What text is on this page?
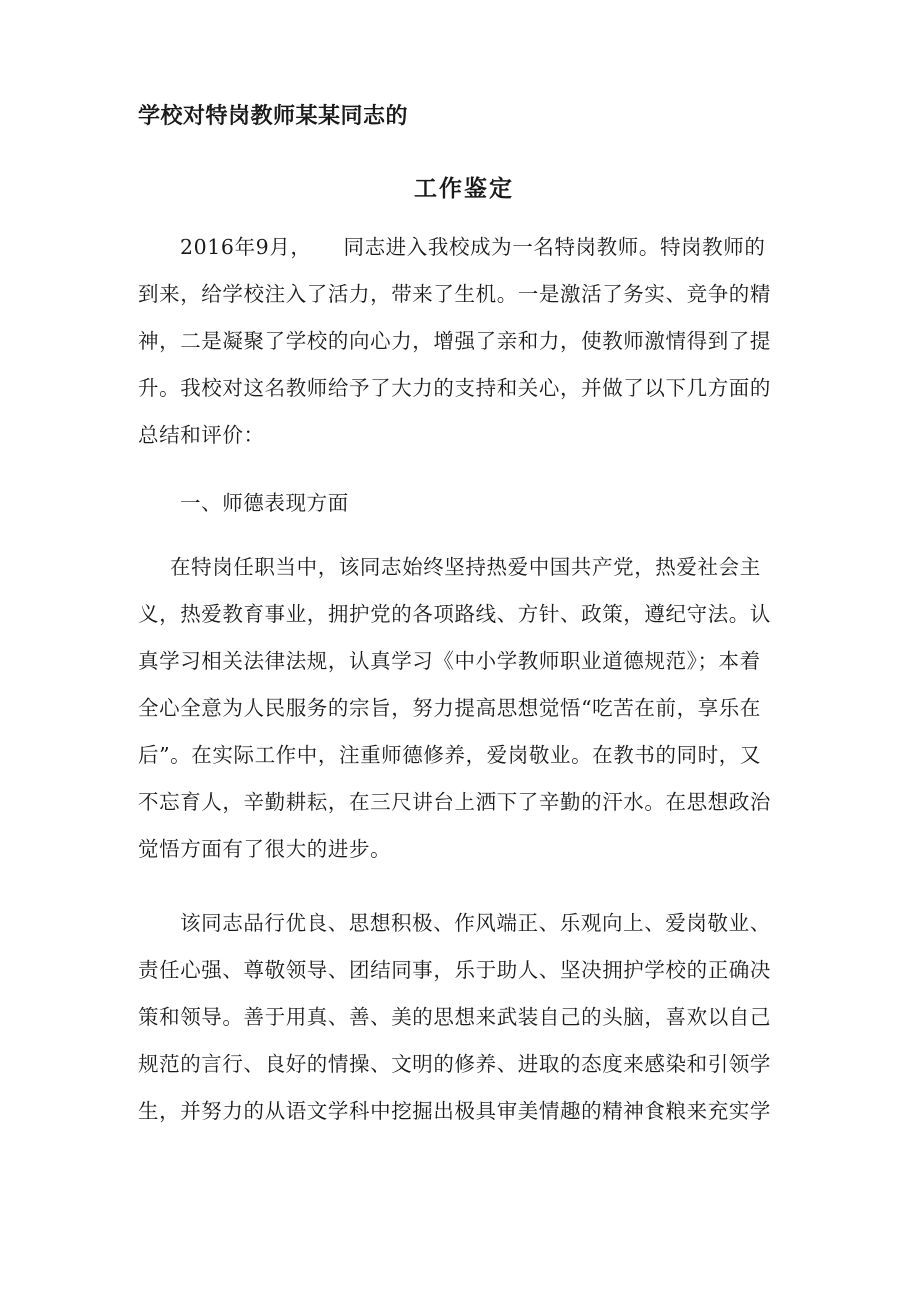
学校对特岗教师某某同志的
工作鉴定
2016年9月，　　同志进入我校成为一名特岗教师。特岗教师的
到来，给学校注入了活力，带来了生机。一是激活了务实、竞争的精
神，二是凝聚了学校的向心力，增强了亲和力，使教师激情得到了提
升。我校对这名教师给予了大力的支持和关心，并做了以下几方面的
总结和评价：
一、师德表现方面
在特岗任职当中，该同志始终坚持热爱中国共产党，热爱社会主
义，热爱教育事业，拥护党的各项路线、方针、政策，遵纪守法。认
真学习相关法律法规，认真学习《中小学教师职业道德规范》；本着
全心全意为人民服务的宗旨，努力提高思想觉悟“吃苦在前，享乐在
后”。在实际工作中，注重师德修养，爱岗敬业。在教书的同时，又
不忘育人，辛勤耕耘，在三尺讲台上洒下了辛勤的汗水。在思想政治
觉悟方面有了很大的进步。
该同志品行优良、思想积极、作风端正、乐观向上、爱岗敬业、
责任心强、尊敬领导、团结同事，乐于助人、坚决拥护学校的正确决
策和领导。善于用真、善、美的思想来武装自己的头脑，喜欢以自己
规范的言行、良好的情操、文明的修养、进取的态度来感染和引领学
生，并努力的从语文学科中挖掘出极具审美情趣的精神食粮来充实学
